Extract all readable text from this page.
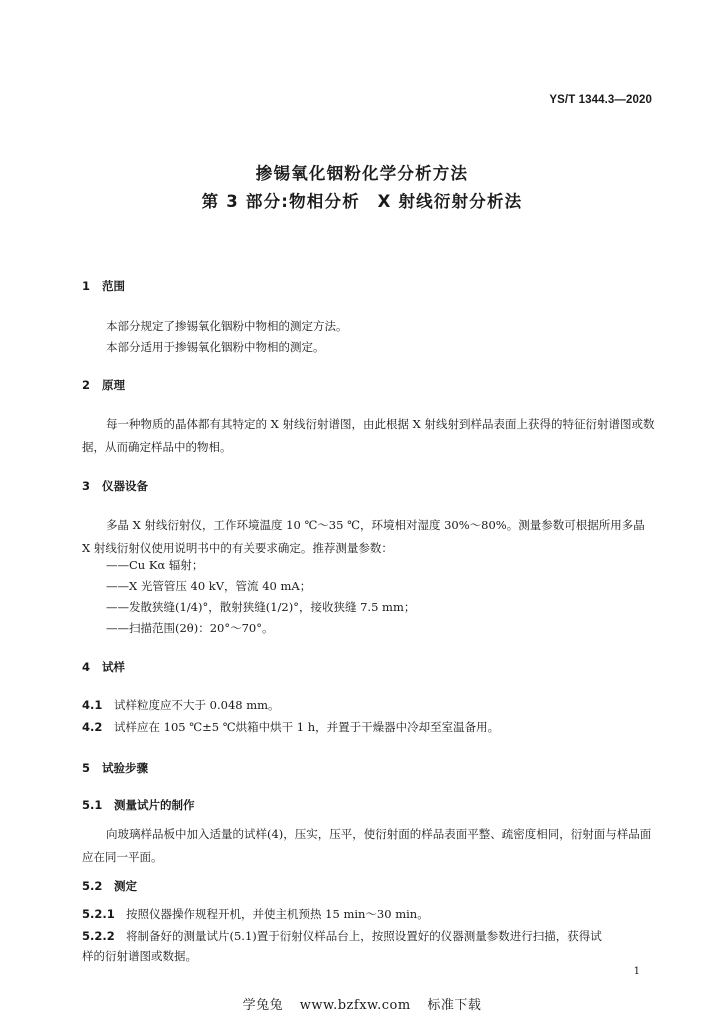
YS/T 1344.3—2020
掺锡氧化铟粉化学分析方法
第 3 部分:物相分析　X 射线衍射分析法
1 范围
本部分规定了掺锡氧化铟粉中物相的测定方法。
本部分适用于掺锡氧化铟粉中物相的测定。
2 原理
每一种物质的晶体都有其特定的 X 射线衍射谱图，由此根据 X 射线射到样品表面上获得的特征衍射谱图或数据，从而确定样品中的物相。
3 仪器设备
多晶 X 射线衍射仪，工作环境温度 10 ℃～35 ℃，环境相对湿度 30%～80%。测量参数可根据所用多晶 X 射线衍射仪使用说明书中的有关要求确定。推荐测量参数：
——Cu Kα 辐射；
——X 光管管压 40 kV，管流 40 mA；
——发散狭缝(1/4)°，散射狭缝(1/2)°，接收狭缝 7.5 mm；
——扫描范围(2θ)：20°～70°。
4 试样
4.1 试样粒度应不大于 0.048 mm。
4.2 试样应在 105 ℃±5 ℃烘箱中烘干 1 h，并置于干燥器中冷却至室温备用。
5 试验步骤
5.1 测量试片的制作
向玻璃样品板中加入适量的试样(4)，压实，压平，使衍射面的样品表面平整、疏密度相同，衍射面与样品面应在同一平面。
5.2 测定
5.2.1 按照仪器操作规程开机，并使主机预热 15 min～30 min。
5.2.2 将制备好的测量试片(5.1)置于衍射仪样品台上，按照设置好的仪器测量参数进行扫描，获得试
样的衍射谱图或数据。
1
学兔兔 www.bzfxw.com 标准下载
